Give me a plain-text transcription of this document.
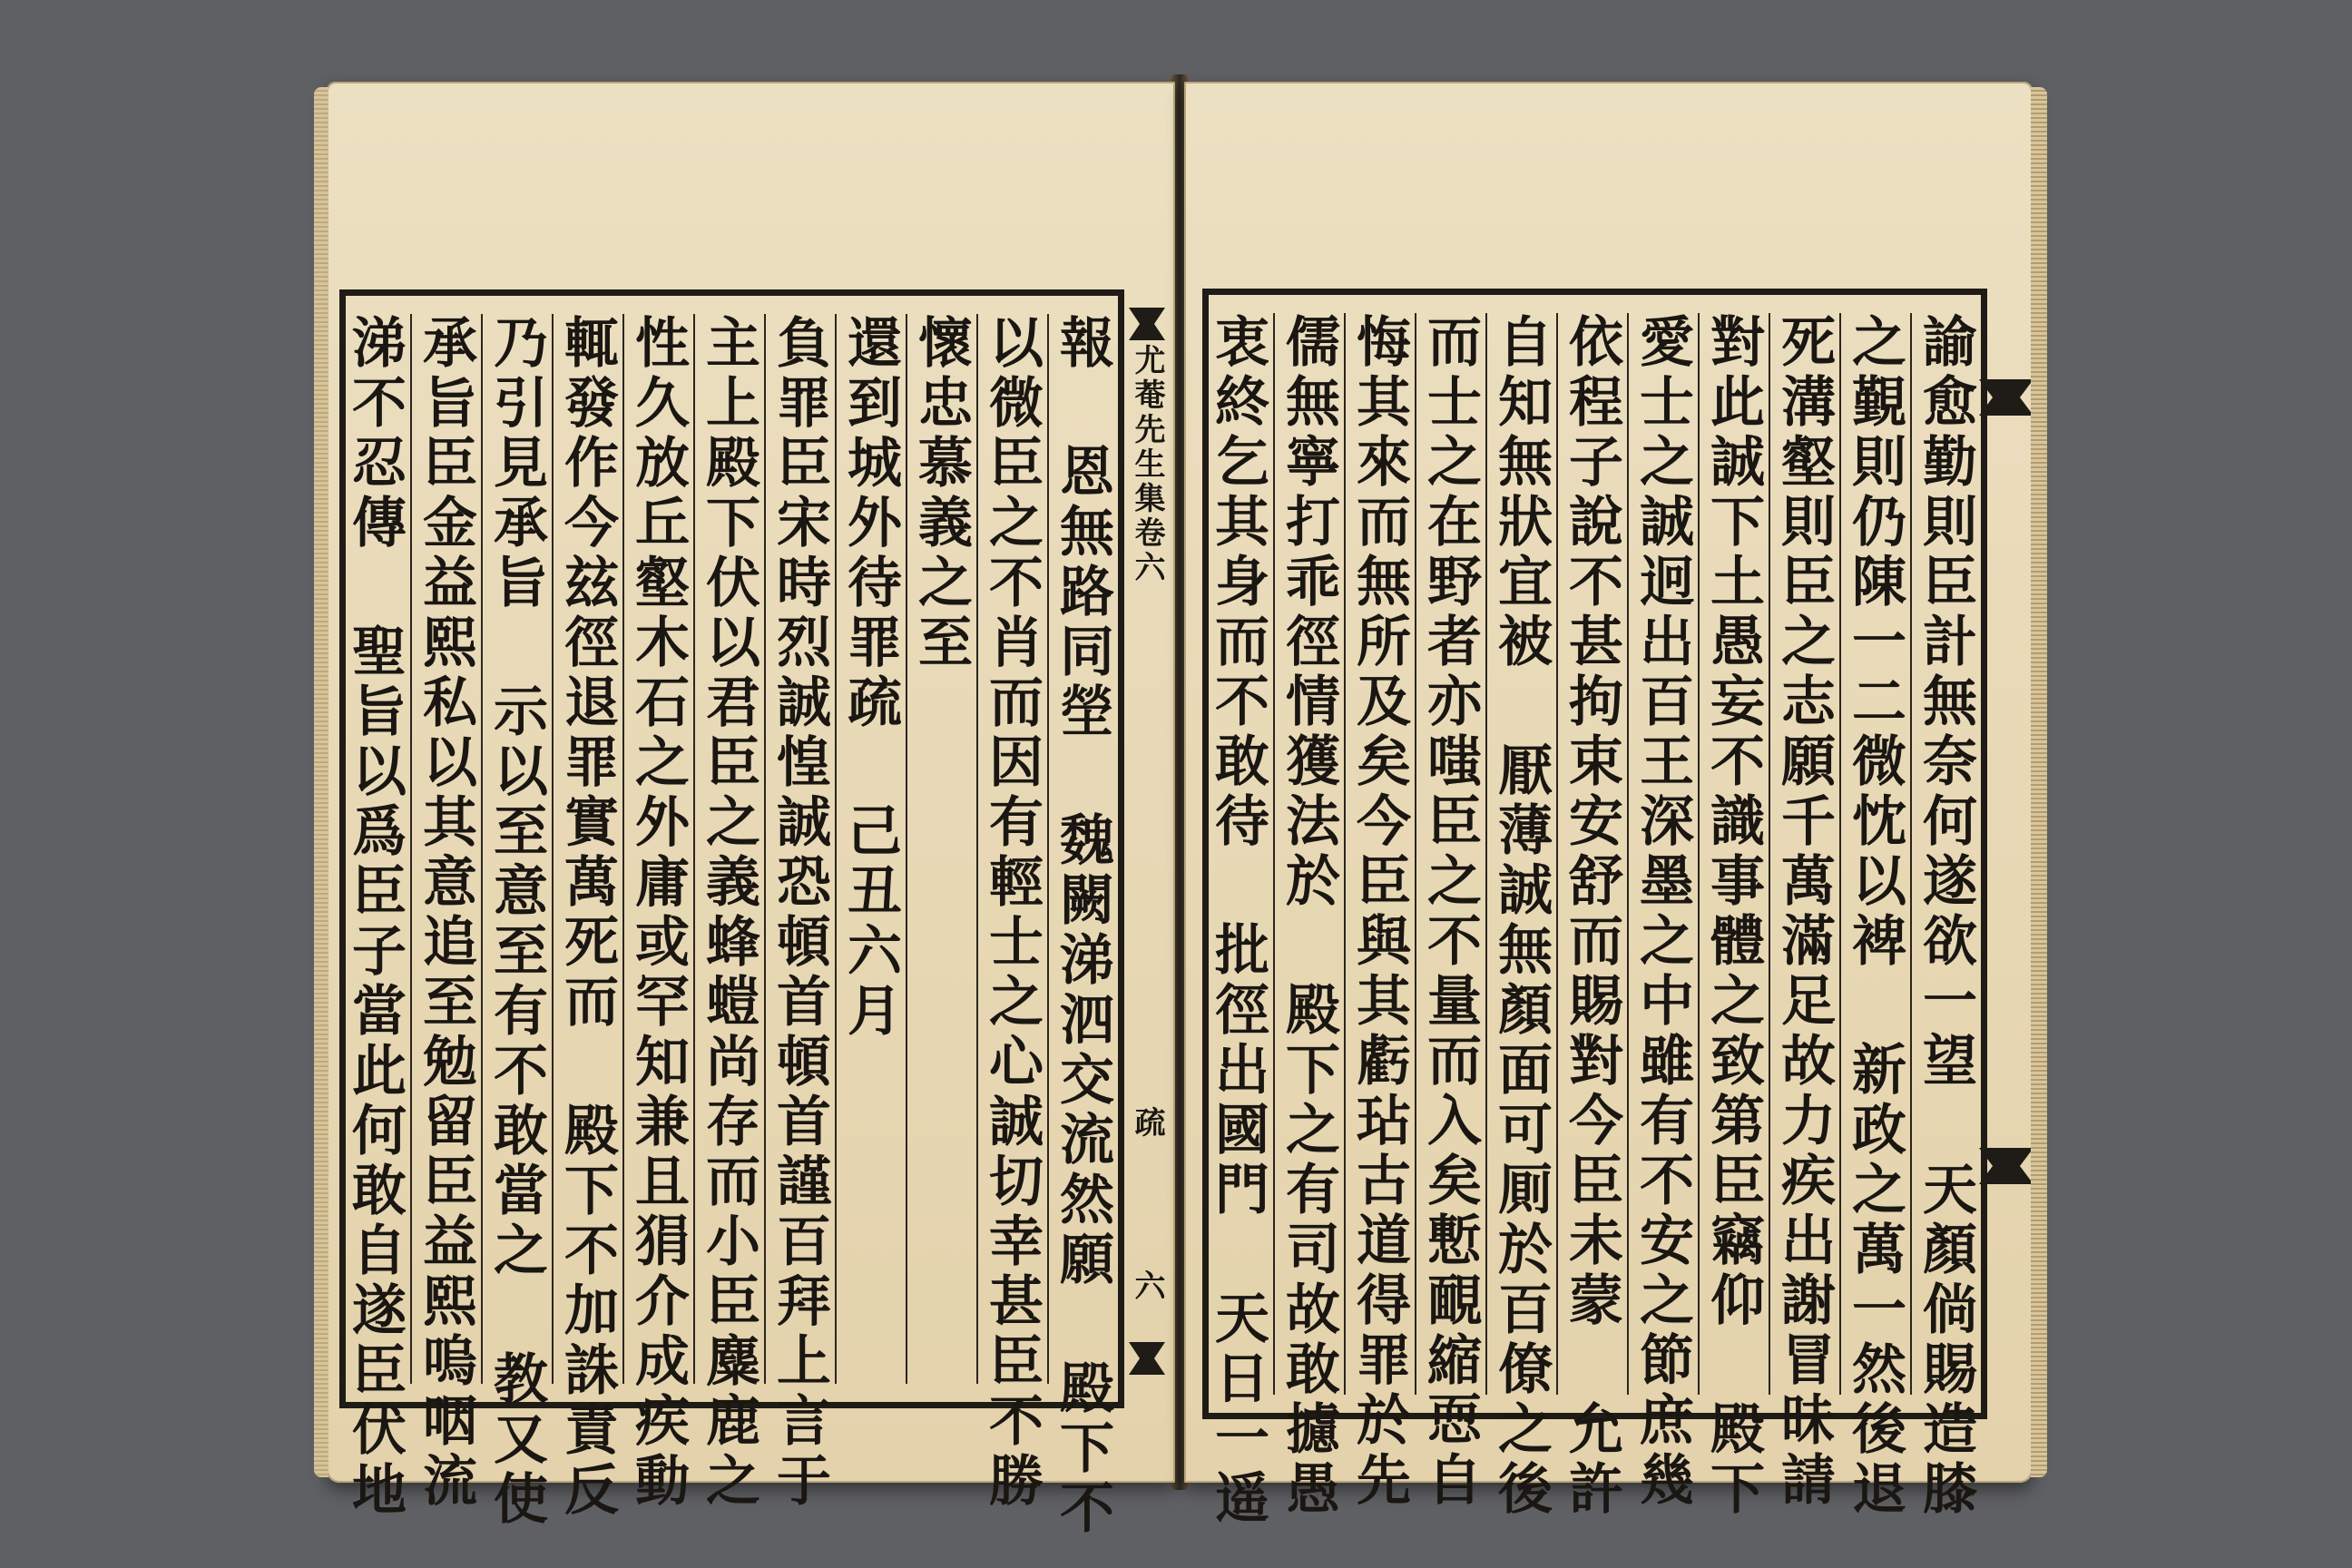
報 恩無路同塋 魏闕涕泗交流然願 殿下不
以微臣之不肖而因有輕士之心誠切幸甚臣不勝
懷忠慕義之至
還到城外待罪疏 己丑六月
負罪臣宋時烈誠惶誠恐頓首頓首謹百拜上言于
主上殿下伏以君臣之義蜂螘尚存而小臣麋鹿之
性久放丘壑木石之外庸或罕知兼且狷介成疾動
輒發作今玆徑退罪實萬死而 殿下不加誅責反
乃引見承旨 示以至意至有不敢當之 教又使
承旨臣金益熙私以其意追至勉留臣益熙嗚咽流
涕不忍傳 聖旨以爲臣子當此何敢自遂臣伏地	尤菴先生集卷六
疏
六	諭愈勤則臣計無奈何遂欲一望 天顏倘賜造膝
之覲則仍陳一二微忱以裨 新政之萬一然後退
死溝壑則臣之志願千萬滿足故力疾出謝冒昧請
對此誠下土愚妄不識事體之致第臣竊仰 殿下
愛士之誠迥出百王深墨之中雖有不安之節庶幾
依程子說不甚拘束安舒而賜對今臣未蒙 允許
自知無狀宜被 厭薄誠無顏面可厠於百僚之後
而士之在野者亦嗤臣之不量而入矣慙靦縮恧自
悔其來而無所及矣今臣與其虧玷古道得罪於先
儒無寧打乖徑情獲法於 殿下之有司故敢攄愚
衷終乞其身而不敢待 批徑出國門 天日一遥
